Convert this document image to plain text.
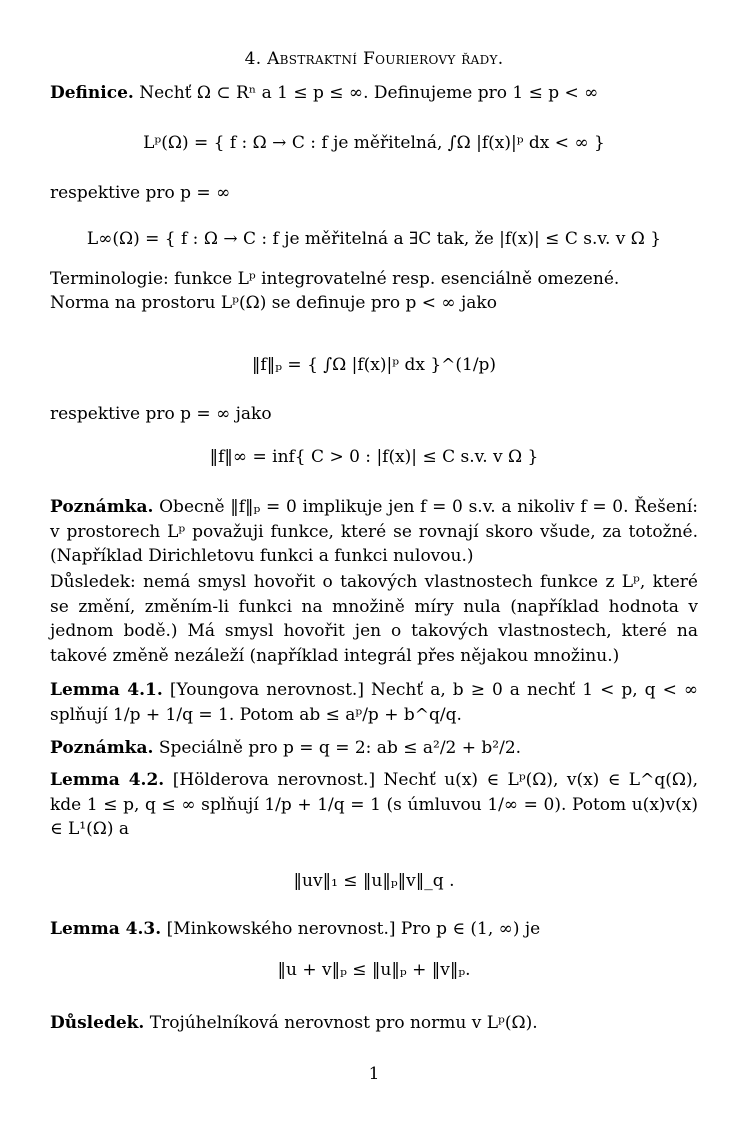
4. Abstraktní Fourierovy řady.
Definice. Nechť Ω ⊂ Rⁿ a 1 ≤ p ≤ ∞. Definujeme pro 1 ≤ p < ∞
Lᵖ(Ω) = { f : Ω → C : f je měřitelná, ∫Ω |f(x)|ᵖ dx < ∞ }
respektive pro p = ∞
L∞(Ω) = { f : Ω → C : f je měřitelná a ∃C tak, že |f(x)| ≤ C s.v. v Ω }
Terminologie: funkce Lᵖ integrovatelné resp. esenciálně omezené.
Norma na prostoru Lᵖ(Ω) se definuje pro p < ∞ jako
‖f‖ₚ = { ∫Ω |f(x)|ᵖ dx }^(1/p)
respektive pro p = ∞ jako
‖f‖∞ = inf{ C > 0 : |f(x)| ≤ C s.v. v Ω }
Poznámka. Obecně ‖f‖ₚ = 0 implikuje jen f = 0 s.v. a nikoliv f = 0. Řešení: v prostorech Lᵖ považuji funkce, které se rovnají skoro všude, za totožné. (Například Dirichletovu funkci a funkci nulovou.)
Důsledek: nemá smysl hovořit o takových vlastnostech funkce z Lᵖ, které se změní, změním-li funkci na množině míry nula (například hodnota v jednom bodě.) Má smysl hovořit jen o takových vlastnostech, které na takové změně nezáleží (například integrál přes nějakou množinu.)
Lemma 4.1. [Youngova nerovnost.] Nechť a, b ≥ 0 a nechť 1 < p, q < ∞ splňují 1/p + 1/q = 1. Potom ab ≤ aᵖ/p + b^q/q.
Poznámka. Speciálně pro p = q = 2: ab ≤ a²/2 + b²/2.
Lemma 4.2. [Hölderova nerovnost.] Nechť u(x) ∈ Lᵖ(Ω), v(x) ∈ L^q(Ω), kde 1 ≤ p, q ≤ ∞ splňují 1/p + 1/q = 1 (s úmluvou 1/∞ = 0). Potom u(x)v(x) ∈ L¹(Ω) a
‖uv‖₁ ≤ ‖u‖ₚ‖v‖_q .
Lemma 4.3. [Minkowského nerovnost.] Pro p ∈ (1, ∞) je
‖u + v‖ₚ ≤ ‖u‖ₚ + ‖v‖ₚ.
Důsledek. Trojúhelníková nerovnost pro normu v Lᵖ(Ω).
1
